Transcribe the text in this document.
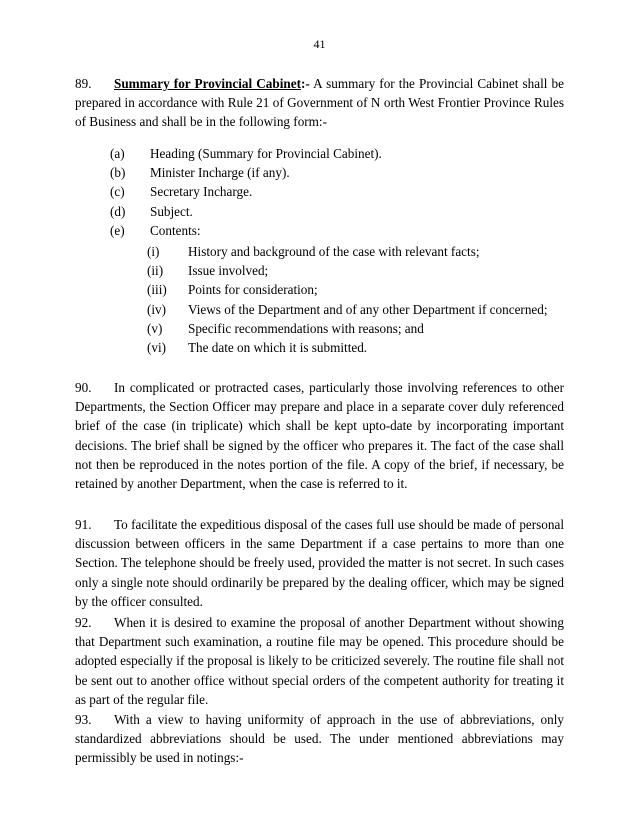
41

89. Summary for Provincial Cabinet:- A summary for the Provincial Cabinet shall be prepared in accordance with Rule 21 of Government of N orth West Frontier Province Rules of Business and shall be in the following form:-

(a)	Heading (Summary for Provincial Cabinet).
(b)	Minister Incharge (if any).
(c)	Secretary Incharge.
(d)	Subject.
(e)	Contents:
(i)	History and background of the case with relevant facts;
(ii)	Issue involved;
(iii)	Points for consideration;
(iv)	Views of the Department and of any other Department if concerned;
(v)	Specific recommendations with reasons; and
(vi)	The date on which it is submitted.

90. In complicated or protracted cases, particularly those involving references to other Departments, the Section Officer may prepare and place in a separate cover duly referenced brief of the case (in triplicate) which shall be kept upto-date by incorporating important decisions. The brief shall be signed by the officer who prepares it. The fact of the case shall not then be reproduced in the notes portion of the file. A copy of the brief, if necessary, be retained by another Department, when the case is referred to it.

91. To facilitate the expeditious disposal of the cases full use should be made of personal discussion between officers in the same Department if a case pertains to more than one Section. The telephone should be freely used, provided the matter is not secret. In such cases only a single note should ordinarily be prepared by the dealing officer, which may be signed by the officer consulted.

92. When it is desired to examine the proposal of another Department without showing that Department such examination, a routine file may be opened. This procedure should be adopted especially if the proposal is likely to be criticized severely. The routine file shall not be sent out to another office without special orders of the competent authority for treating it as part of the regular file.

93. With a view to having uniformity of approach in the use of abbreviations, only standardized abbreviations should be used. The under mentioned abbreviations may permissibly be used in notings:-
